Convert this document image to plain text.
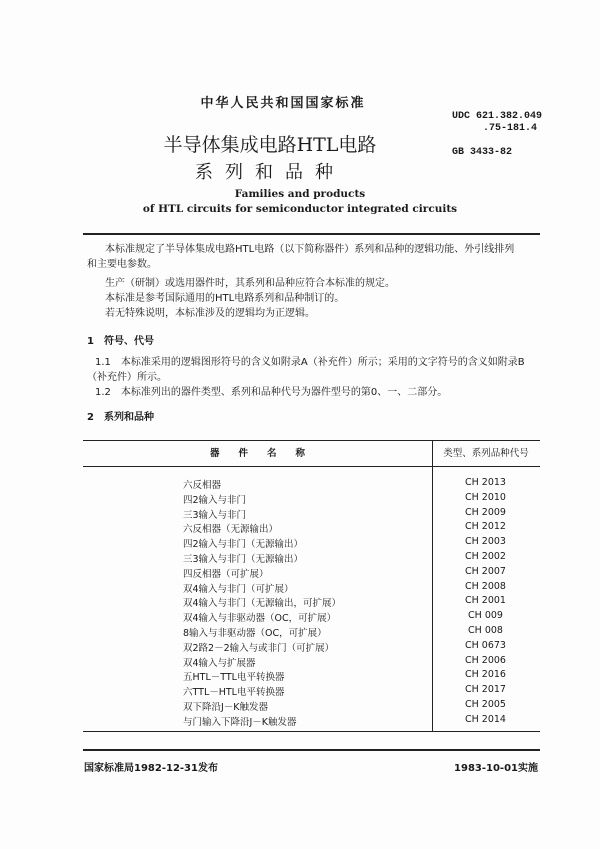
中华人民共和国国家标准
半导体集成电路HTL电路
系列和品种
UDC 621.382.049
.75-181.4
GB 3433-82
Families and products
of HTL circuits for semiconductor integrated circuits
本标准规定了半导体集成电路HTL电路（以下简称器件）系列和品种的逻辑功能、外引线排列
和主要电参数。
生产（研制）或选用器件时，其系列和品种应符合本标准的规定。
本标准是参考国际通用的HTL电路系列和品种制订的。
若无特殊说明，本标准涉及的逻辑均为正逻辑。
1　符号、代号
1.1　本标准采用的逻辑图形符号的含义如附录A（补充件）所示；采用的文字符号的含义如附录B
（补充件）所示。
1.2　本标准列出的器件类型、系列和品种代号为器件型号的第0、一、二部分。
2　系列和品种
器　　件　　名　　称	类型、系列品种代号
六反相器	CH 2013
四2输入与非门	CH 2010
三3输入与非门	CH 2009
六反相器（无源输出）	CH 2012
四2输入与非门（无源输出）	CH 2003
三3输入与非门（无源输出）	CH 2002
四反相器（可扩展）	CH 2007
双4输入与非门（可扩展）	CH 2008
双4输入与非门（无源输出，可扩展）	CH 2001
双4输入与非驱动器（OC，可扩展）	CH 009
8输入与非驱动器（OC，可扩展）	CH 008
双2路2－2输入与或非门（可扩展）	CH 0673
双4输入与扩展器	CH 2006
五HTL－TTL电平转换器	CH 2016
六TTL－HTL电平转换器	CH 2017
双下降沿J－K触发器	CH 2005
与门输入下降沿J－K触发器	CH 2014
国家标准局1982-12-31发布	1983-10-01实施
